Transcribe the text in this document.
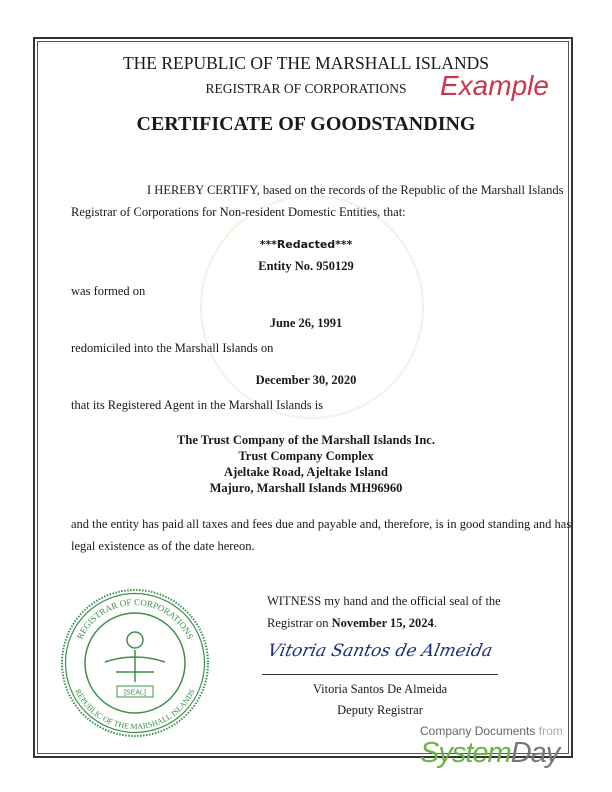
THE REPUBLIC OF THE MARSHALL ISLANDS
REGISTRAR OF CORPORATIONS	Example
CERTIFICATE OF GOODSTANDING
I HEREBY CERTIFY, based on the records of the Republic of the Marshall Islands
Registrar of Corporations for Non-resident Domestic Entities, that:
***Redacted***
Entity No. 950129
was formed on
June 26, 1991
redomiciled into the Marshall Islands on
December 30, 2020
that its Registered Agent in the Marshall Islands is
The Trust Company of the Marshall Islands Inc.
Trust Company Complex
Ajeltake Road, Ajeltake Island
Majuro, Marshall Islands MH96960
and the entity has paid all taxes and fees due and payable and, therefore, is in good standing and has
legal existence as of the date hereon.
REGISTRAR OF CORPORATIONS
REPUBLIC OF THE MARSHALL ISLANDS
[SEAL]
WITNESS my hand and the official seal of the
Registrar on November 15, 2024.
Vitoria Santos de Almeida
Vitoria Santos De Almeida
Deputy Registrar
Company Documents from
SystemDay
